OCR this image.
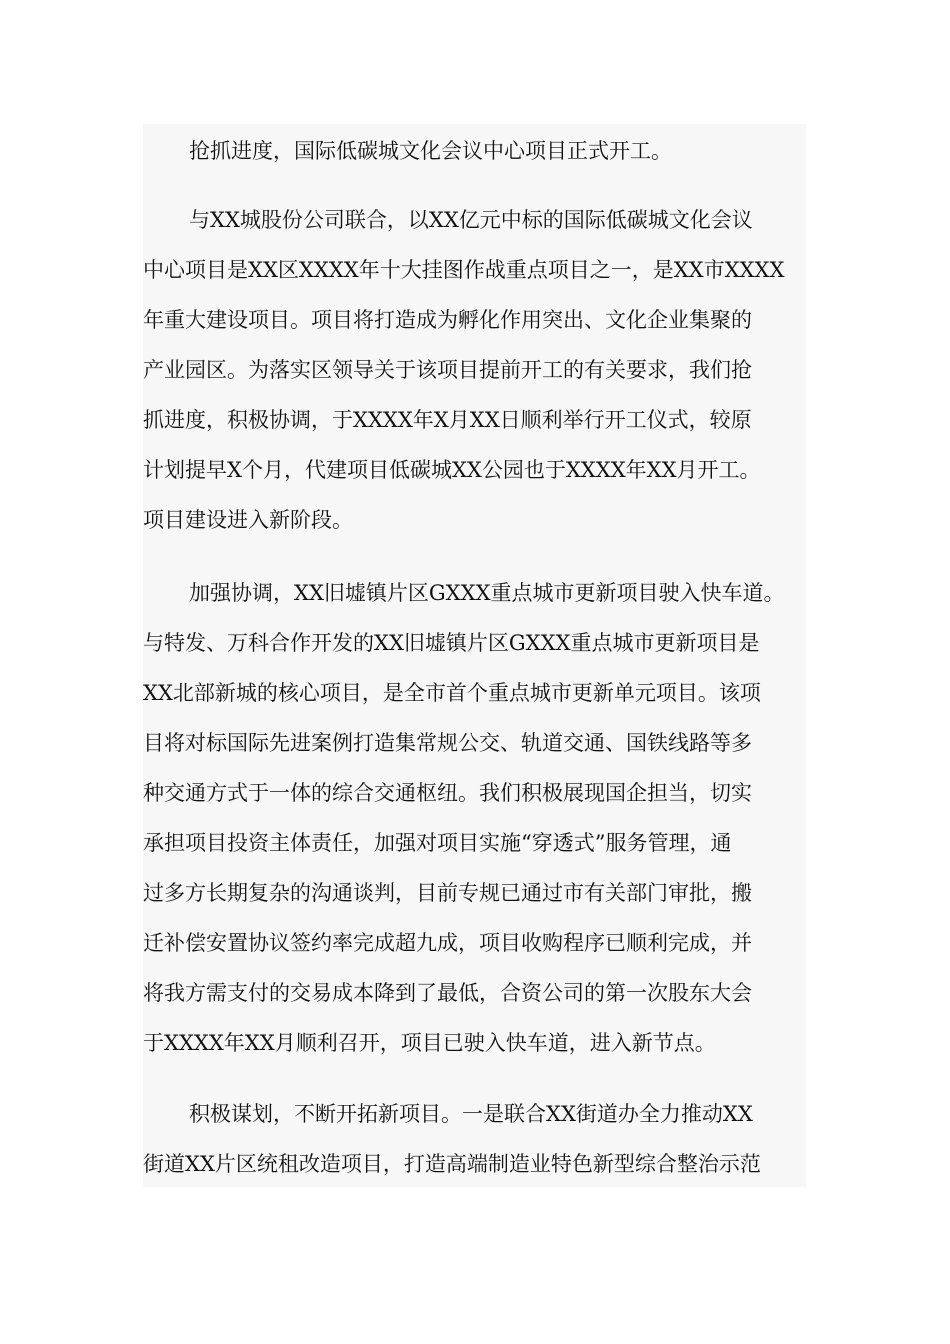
抢抓进度，国际低碳城文化会议中心项目正式开工。
与XX城股份公司联合，以XX亿元中标的国际低碳城文化会议
中心项目是XX区XXXX年十大挂图作战重点项目之一，是XX市XXXX
年重大建设项目。项目将打造成为孵化作用突出、文化企业集聚的
产业园区。为落实区领导关于该项目提前开工的有关要求，我们抢
抓进度，积极协调，于XXXX年X月XX日顺利举行开工仪式，较原
计划提早X个月，代建项目低碳城XX公园也于XXXX年XX月开工。
项目建设进入新阶段。
加强协调，XX旧墟镇片区GXXX重点城市更新项目驶入快车道。
与特发、万科合作开发的XX旧墟镇片区GXXX重点城市更新项目是
XX北部新城的核心项目，是全市首个重点城市更新单元项目。该项
目将对标国际先进案例打造集常规公交、轨道交通、国铁线路等多
种交通方式于一体的综合交通枢纽。我们积极展现国企担当，切实
承担项目投资主体责任，加强对项目实施“穿透式”服务管理，通
过多方长期复杂的沟通谈判，目前专规已通过市有关部门审批，搬
迁补偿安置协议签约率完成超九成，项目收购程序已顺利完成，并
将我方需支付的交易成本降到了最低，合资公司的第一次股东大会
于XXXX年XX月顺利召开，项目已驶入快车道，进入新节点。
积极谋划，不断开拓新项目。一是联合XX街道办全力推动XX
街道XX片区统租改造项目，打造高端制造业特色新型综合整治示范
